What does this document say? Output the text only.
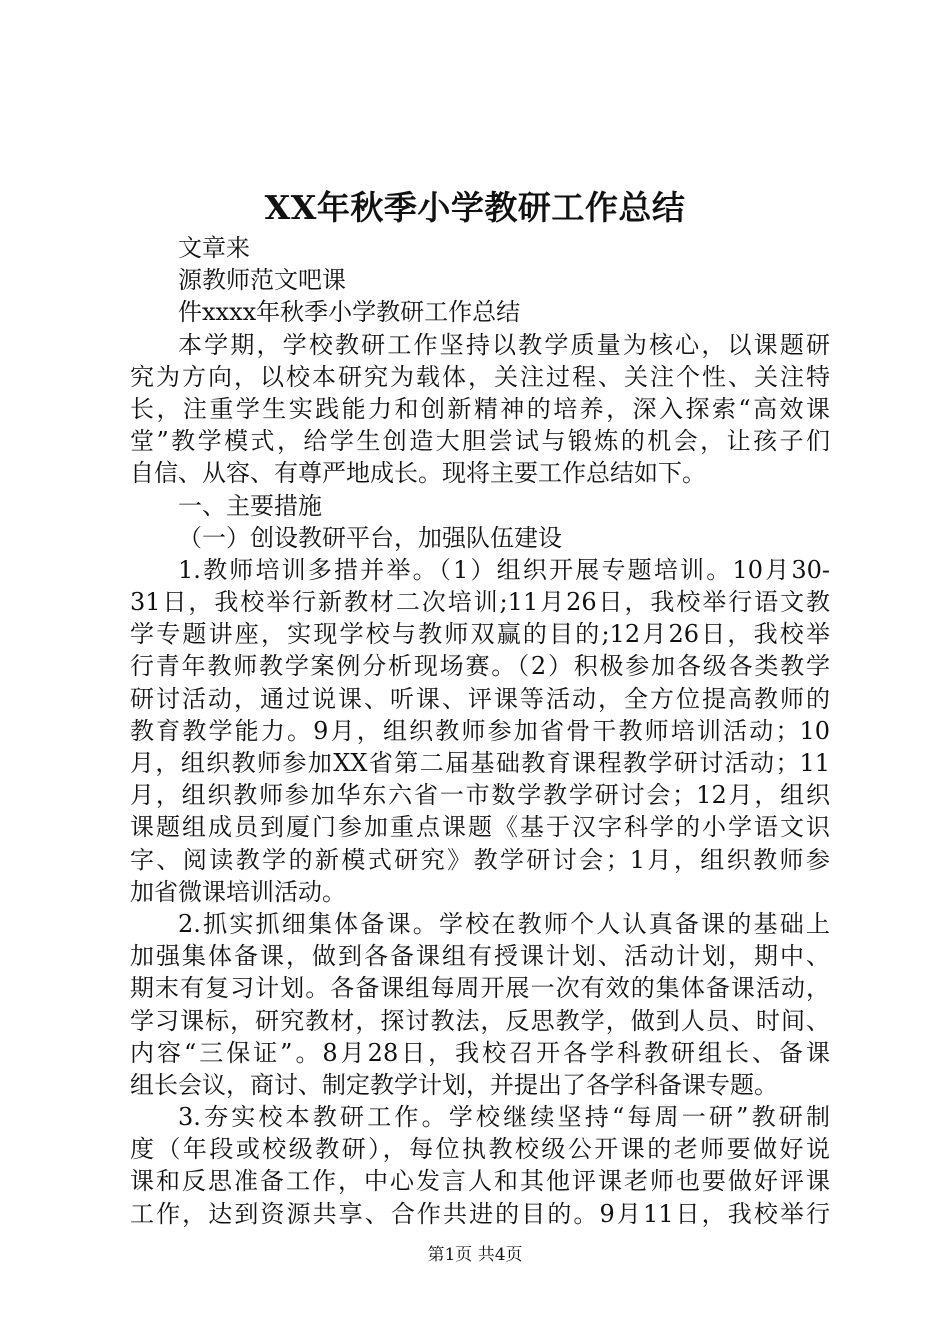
XX年秋季小学教研工作总结
文章来
源教师范文吧课
件xxxx年秋季小学教研工作总结
本学期，学校教研工作坚持以教学质量为核心，以课题研
究为方向，以校本研究为载体，关注过程、关注个性、关注特
长，注重学生实践能力和创新精神的培养，深入探索“高效课
堂”教学模式，给学生创造大胆尝试与锻炼的机会，让孩子们
自信、从容、有尊严地成长。现将主要工作总结如下。
一、主要措施
（一）创设教研平台，加强队伍建设
1.教师培训多措并举。（1）组织开展专题培训。10月30-
31日，我校举行新教材二次培训;11月26日，我校举行语文教
学专题讲座，实现学校与教师双赢的目的;12月26日，我校举
行青年教师教学案例分析现场赛。（2）积极参加各级各类教学
研讨活动，通过说课、听课、评课等活动，全方位提高教师的
教育教学能力。9月，组织教师参加省骨干教师培训活动；10
月，组织教师参加XX省第二届基础教育课程教学研讨活动；11
月，组织教师参加华东六省一市数学教学研讨会；12月，组织
课题组成员到厦门参加重点课题《基于汉字科学的小学语文识
字、阅读教学的新模式研究》教学研讨会；1月，组织教师参
加省微课培训活动。
2.抓实抓细集体备课。学校在教师个人认真备课的基础上
加强集体备课，做到各备课组有授课计划、活动计划，期中、
期末有复习计划。各备课组每周开展一次有效的集体备课活动，
学习课标，研究教材，探讨教法，反思教学，做到人员、时间、
内容“三保证”。8月28日，我校召开各学科教研组长、备课
组长会议，商讨、制定教学计划，并提出了各学科备课专题。
3.夯实校本教研工作。学校继续坚持“每周一研”教研制
度（年段或校级教研），每位执教校级公开课的老师要做好说
课和反思准备工作，中心发言人和其他评课老师也要做好评课
工作，达到资源共享、合作共进的目的。9月11日，我校举行
第1页 共4页
